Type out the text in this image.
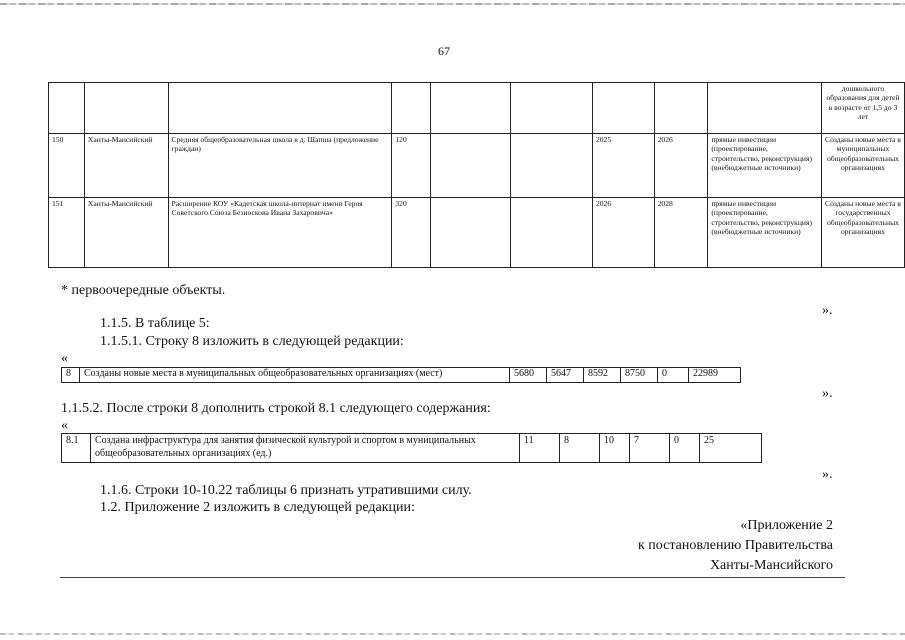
67
									дошкольного образования для детей в возрасте от 1,5 до 3 лет
150	Ханты-Мансийский	Средняя общеобразовательная школа в д. Шапша (предложение граждан)	120			2025	2026	прямые инвестиции (проектирование, строительство, реконструкция) (внебюджетные источники)	Созданы новые места в муниципальных общеобразовательных организациях
151	Ханты-Мансийский	Расширение КОУ «Кадетская школа-интернат имени Героя Советского Союза Безноскова Ивана Захаровича»	320			2026	2028	прямые инвестиции (проектирование, строительство, реконструкция) (внебюджетные источники)	Созданы новые места в государственных общеобразовательных организациях
* первоочередные объекты.
».
1.1.5. В таблице 5:
1.1.5.1. Строку 8 изложить в следующей редакции:
«
8	Созданы новые места в муниципальных общеобразовательных организациях (мест)	5680	5647	8592	8750	0	22989
».
1.1.5.2. После строки 8 дополнить строкой 8.1 следующего содержания:
«
8.1	Создана инфраструктура для занятия физической культурой и спортом в муниципальных общеобразовательных организациях (ед.)	11	8	10	7	0	25
».
1.1.6. Строки 10-10.22 таблицы 6 признать утратившими силу.
1.2. Приложение 2 изложить в следующей редакции:
«Приложение 2
к постановлению Правительства
Ханты-Мансийского
